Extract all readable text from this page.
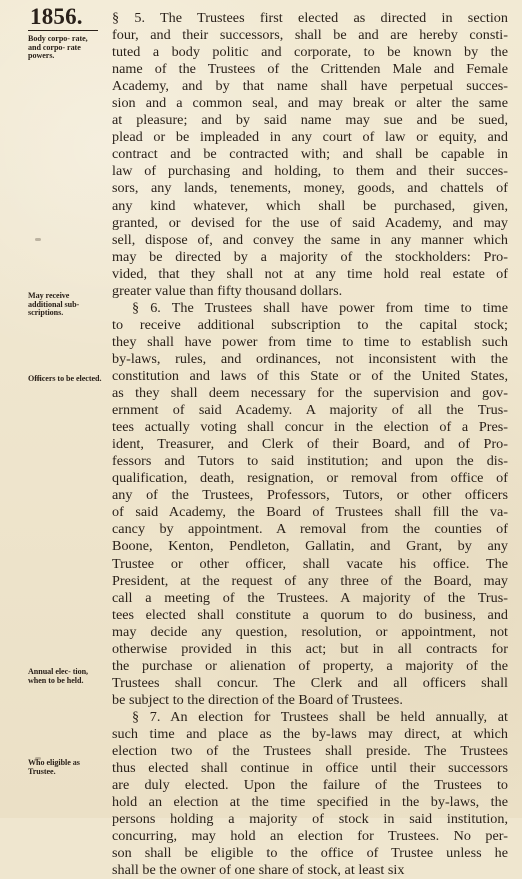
1856.
Body corpo- rate, and corpo- rate powers.
May receive additional sub- scriptions.
Officers to be elected.
Annual elec- tion, when to be held.
Who eligible as Trustee.
§ 5. The Trustees first elected as directed in section
four, and their successors, shall be and are hereby consti-
tuted a body politic and corporate, to be known by the
name of the Trustees of the Crittenden Male and Female
Academy, and by that name shall have perpetual succes-
sion and a common seal, and may break or alter the same
at pleasure; and by said name may sue and be sued,
plead or be impleaded in any court of law or equity, and
contract and be contracted with; and shall be capable in
law of purchasing and holding, to them and their succes-
sors, any lands, tenements, money, goods, and chattels of
any kind whatever, which shall be purchased, given,
granted, or devised for the use of said Academy, and may
sell, dispose of, and convey the same in any manner which
may be directed by a majority of the stockholders: Pro-
vided, that they shall not at any time hold real estate of
greater value than fifty thousand dollars.
§ 6. The Trustees shall have power from time to time
to receive additional subscription to the capital stock;
they shall have power from time to time to establish such
by-laws, rules, and ordinances, not inconsistent with the
constitution and laws of this State or of the United States,
as they shall deem necessary for the supervision and gov-
ernment of said Academy. A majority of all the Trus-
tees actually voting shall concur in the election of a Pres-
ident, Treasurer, and Clerk of their Board, and of Pro-
fessors and Tutors to said institution; and upon the dis-
qualification, death, resignation, or removal from office of
any of the Trustees, Professors, Tutors, or other officers
of said Academy, the Board of Trustees shall fill the va-
cancy by appointment. A removal from the counties of
Boone, Kenton, Pendleton, Gallatin, and Grant, by any
Trustee or other officer, shall vacate his office. The
President, at the request of any three of the Board, may
call a meeting of the Trustees. A majority of the Trus-
tees elected shall constitute a quorum to do business, and
may decide any question, resolution, or appointment, not
otherwise provided in this act; but in all contracts for
the purchase or alienation of property, a majority of the
Trustees shall concur. The Clerk and all officers shall
be subject to the direction of the Board of Trustees.
§ 7. An election for Trustees shall be held annually, at
such time and place as the by-laws may direct, at which
election two of the Trustees shall preside. The Trustees
thus elected shall continue in office until their successors
are duly elected. Upon the failure of the Trustees to
hold an election at the time specified in the by-laws, the
persons holding a majority of stock in said institution,
concurring, may hold an election for Trustees. No per-
son shall be eligible to the office of Trustee unless he
shall be the owner of one share of stock, at least six
